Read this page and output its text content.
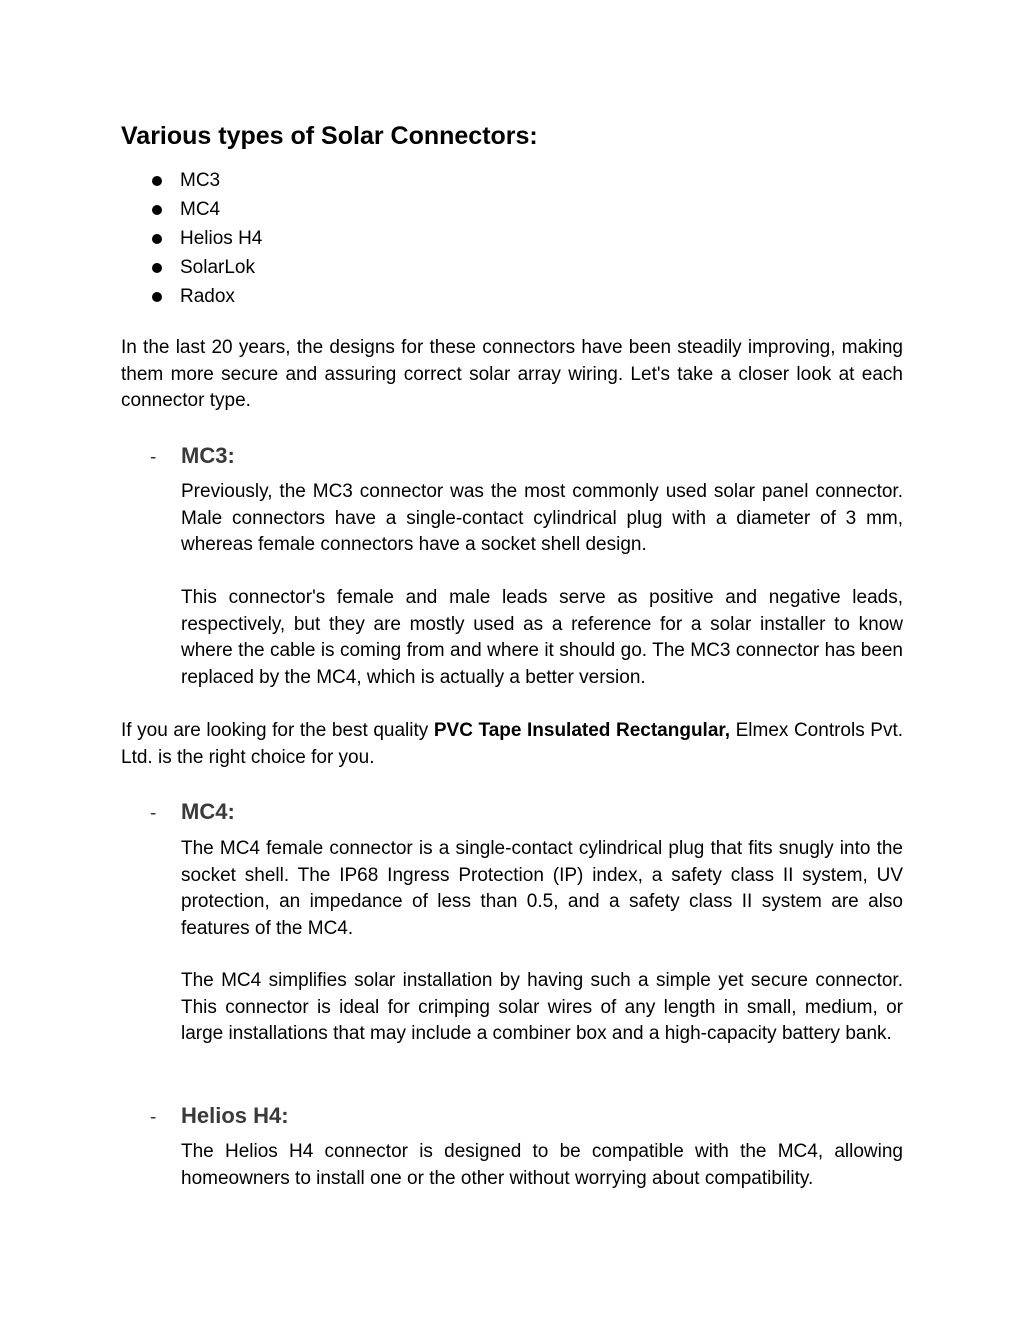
Various types of Solar Connectors:
MC3
MC4
Helios H4
SolarLok
Radox

In the last 20 years, the designs for these connectors have been steadily improving, making them more secure and assuring correct solar array wiring. Let's take a closer look at each connector type.

-	MC3:

Previously, the MC3 connector was the most commonly used solar panel connector. Male connectors have a single-contact cylindrical plug with a diameter of 3 mm, whereas female connectors have a socket shell design.

This connector's female and male leads serve as positive and negative leads, respectively, but they are mostly used as a reference for a solar installer to know where the cable is coming from and where it should go. The MC3 connector has been replaced by the MC4, which is actually a better version.

If you are looking for the best quality PVC Tape Insulated Rectangular, Elmex Controls Pvt. Ltd. is the right choice for you.

-	MC4:

The MC4 female connector is a single-contact cylindrical plug that fits snugly into the socket shell. The IP68 Ingress Protection (IP) index, a safety class II system, UV protection, an impedance of less than 0.5, and a safety class II system are also features of the MC4.

The MC4 simplifies solar installation by having such a simple yet secure connector. This connector is ideal for crimping solar wires of any length in small, medium, or large installations that may include a combiner box and a high-capacity battery bank.

-	Helios H4:

The Helios H4 connector is designed to be compatible with the MC4, allowing homeowners to install one or the other without worrying about compatibility.
